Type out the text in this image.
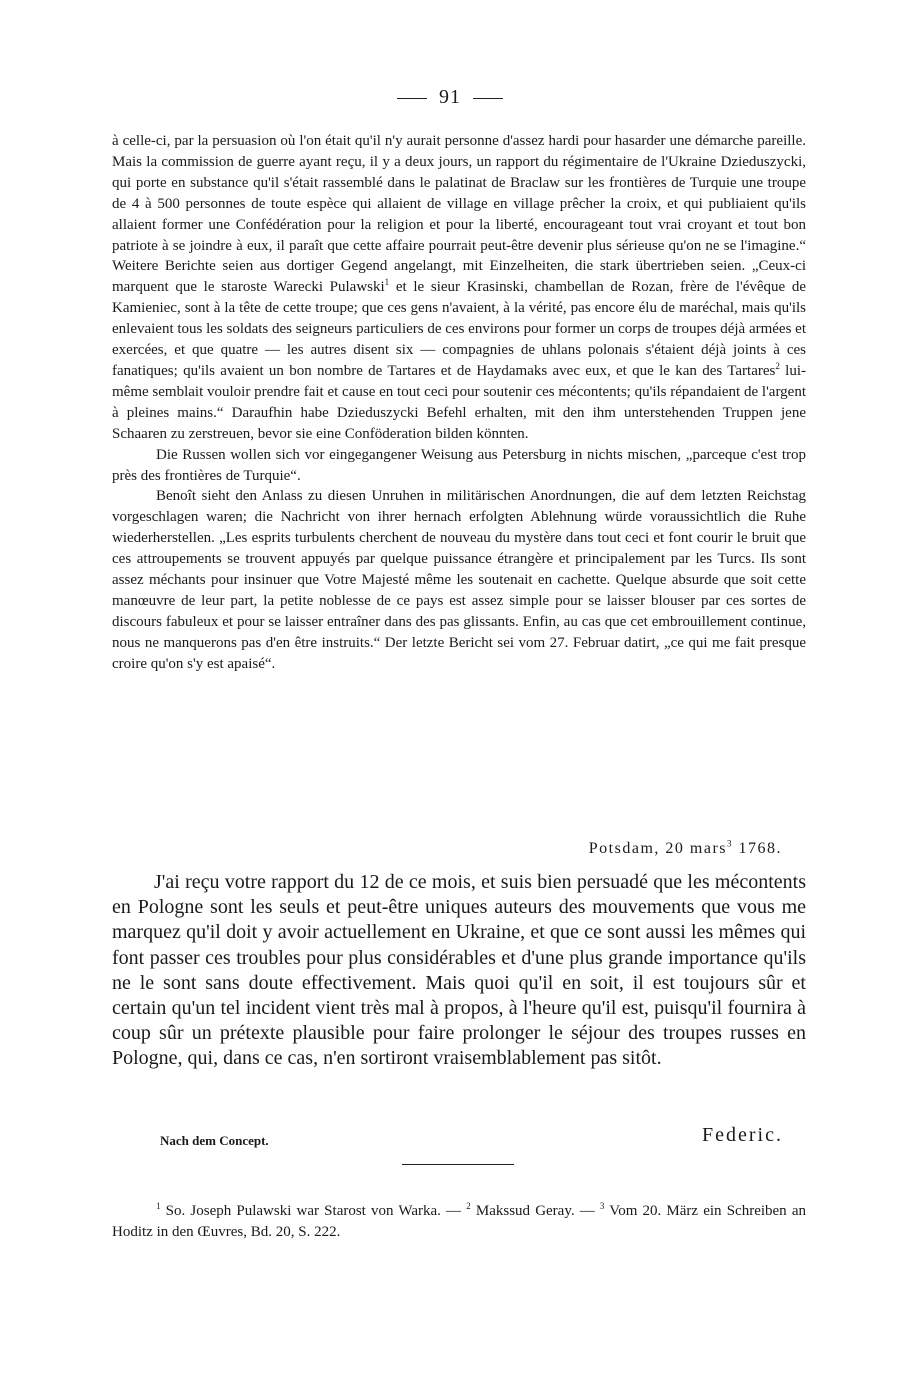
91

à celle-ci, par la persuasion où l'on était qu'il n'y aurait personne d'assez hardi pour hasarder une démarche pareille. Mais la commission de guerre ayant reçu, il y a deux jours, un rapport du régimentaire de l'Ukraine Dzieduszycki, qui porte en substance qu'il s'était rassemblé dans le palatinat de Braclaw sur les frontières de Turquie une troupe de 4 à 500 personnes de toute espèce qui allaient de village en village prêcher la croix, et qui publiaient qu'ils allaient former une Confédération pour la religion et pour la liberté, encourageant tout vrai croyant et tout bon patriote à se joindre à eux, il paraît que cette affaire pourrait peut-être devenir plus sérieuse qu'on ne se l'imagine.“ Weitere Berichte seien aus dortiger Gegend angelangt, mit Einzelheiten, die stark übertrieben seien. „Ceux-ci marquent que le staroste Warecki Pulawski$^1$ et le sieur Krasinski, chambellan de Rozan, frère de l'évêque de Kamieniec, sont à la tête de cette troupe; que ces gens n'avaient, à la vérité, pas encore élu de maréchal, mais qu'ils enlevaient tous les soldats des seigneurs particuliers de ces environs pour former un corps de troupes déjà armées et exercées, et que quatre — les autres disent six — compagnies de uhlans polonais s'étaient déjà joints à ces fanatiques; qu'ils avaient un bon nombre de Tartares et de Haydamaks avec eux, et que le kan des Tartares$^2$ lui-même semblait vouloir prendre fait et cause en tout ceci pour soutenir ces mécontents; qu'ils répandaient de l'argent à pleines mains.“ Daraufhin habe Dzieduszycki Befehl erhalten, mit den ihm unterstehenden Truppen jene Schaaren zu zerstreuen, bevor sie eine Conföderation bilden könnten.

Die Russen wollen sich vor eingegangener Weisung aus Petersburg in nichts mischen, „parceque c'est trop près des frontières de Turquie“.

Benoît sieht den Anlass zu diesen Unruhen in militärischen Anordnungen, die auf dem letzten Reichstag vorgeschlagen waren; die Nachricht von ihrer hernach erfolgten Ablehnung würde voraussichtlich die Ruhe wiederherstellen. „Les esprits turbulents cherchent de nouveau du mystère dans tout ceci et font courir le bruit que ces attroupements se trouvent appuyés par quelque puissance étrangère et principalement par les Turcs. Ils sont assez méchants pour insinuer que Votre Majesté même les soutenait en cachette. Quelque absurde que soit cette manœuvre de leur part, la petite noblesse de ce pays est assez simple pour se laisser blouser par ces sortes de discours fabuleux et pour se laisser entraîner dans des pas glissants. Enfin, au cas que cet embrouillement continue, nous ne manquerons pas d'en être instruits.“ Der letzte Bericht sei vom 27. Februar datirt, „ce qui me fait presque croire qu'on s'y est apaisé“.

Potsdam, 20 mars$^3$ 1768.

J'ai reçu votre rapport du 12 de ce mois, et suis bien persuadé que les mécontents en Pologne sont les seuls et peut-être uniques auteurs des mouvements que vous me marquez qu'il doit y avoir actuellement en Ukraine, et que ce sont aussi les mêmes qui font passer ces troubles pour plus considérables et d'une plus grande importance qu'ils ne le sont sans doute effectivement. Mais quoi qu'il en soit, il est toujours sûr et certain qu'un tel incident vient très mal à propos, à l'heure qu'il est, puisqu'il fournira à coup sûr un prétexte plausible pour faire prolonger le séjour des troupes russes en Pologne, qui, dans ce cas, n'en sortiront vraisemblablement pas sitôt.

Nach dem Concept.	Federic.

$^1$ So. Joseph Pulawski war Starost von Warka. — $^2$ Makssud Geray. — $^3$ Vom 20. März ein Schreiben an Hoditz in den Œuvres, Bd. 20, S. 222.
